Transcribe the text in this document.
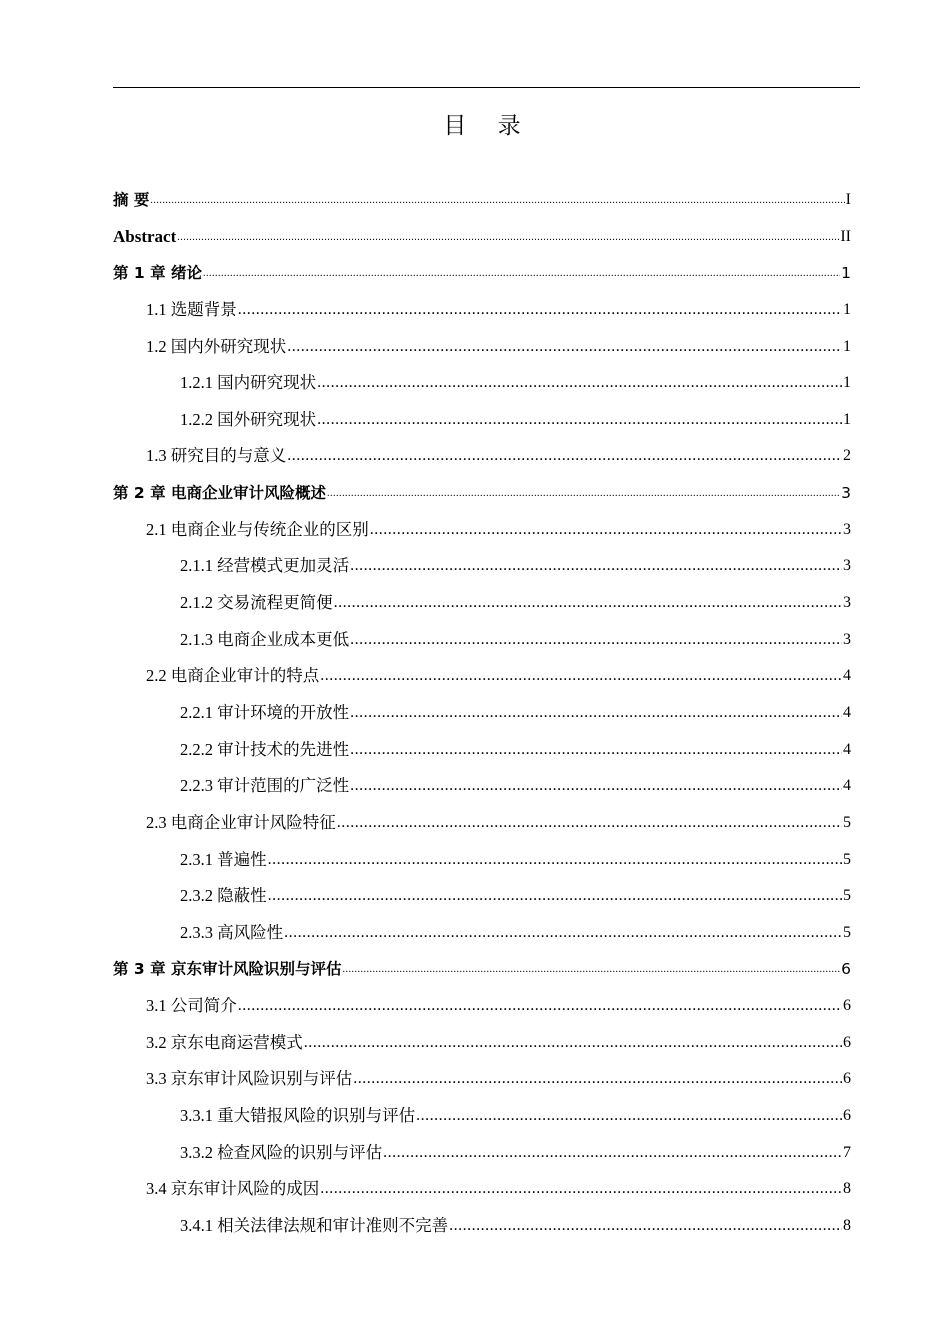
目 录
摘 要 .....	I
Abstract .....	II
第 1 章 绪论 .....	1
1.1 选题背景 .....	1
1.2 国内外研究现状 .....	1
1.2.1 国内研究现状 .....	1
1.2.2 国外研究现状 .....	1
1.3 研究目的与意义 .....	2
第 2 章 电商企业审计风险概述 .....	3
2.1 电商企业与传统企业的区别 .....	3
2.1.1 经营模式更加灵活 .....	3
2.1.2 交易流程更简便 .....	3
2.1.3 电商企业成本更低 .....	3
2.2 电商企业审计的特点 .....	4
2.2.1 审计环境的开放性 .....	4
2.2.2 审计技术的先进性 .....	4
2.2.3 审计范围的广泛性 .....	4
2.3 电商企业审计风险特征 .....	5
2.3.1 普遍性 .....	5
2.3.2 隐蔽性 .....	5
2.3.3 高风险性 .....	5
第 3 章 京东审计风险识别与评估 .....	6
3.1 公司简介 .....	6
3.2 京东电商运营模式 .....	6
3.3 京东审计风险识别与评估 .....	6
3.3.1 重大错报风险的识别与评估 .....	6
3.3.2 检查风险的识别与评估 .....	7
3.4 京东审计风险的成因 .....	8
3.4.1 相关法律法规和审计准则不完善 .....	8
